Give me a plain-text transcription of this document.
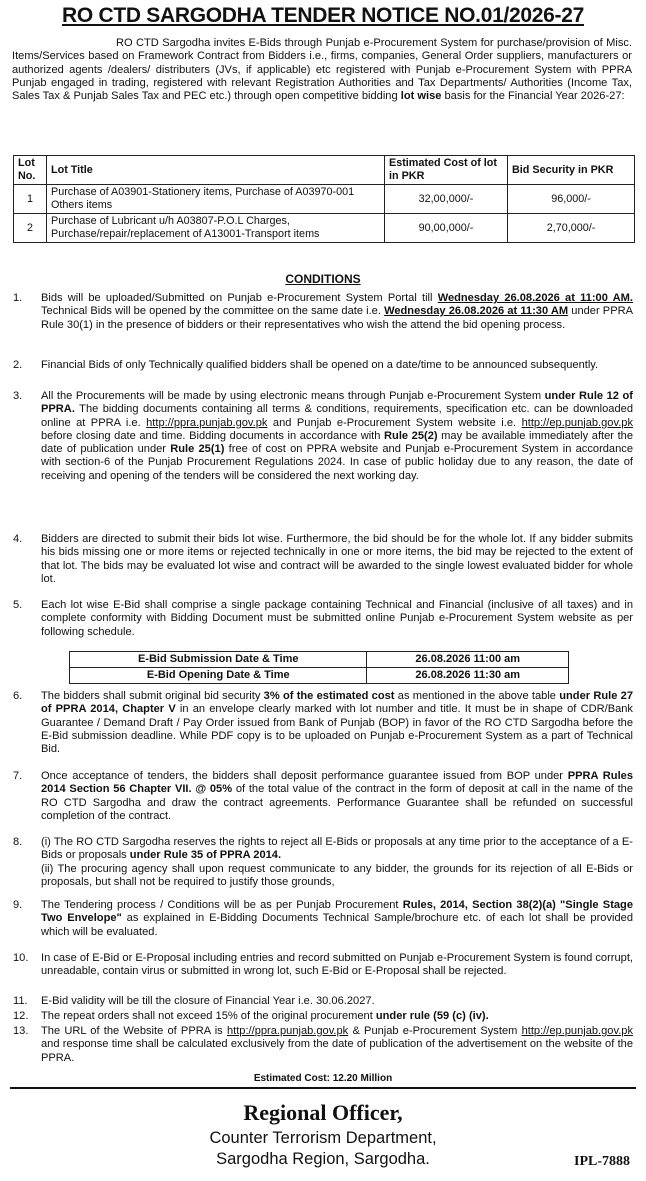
RO CTD SARGODHA TENDER NOTICE NO.01/2026-27
RO CTD Sargodha invites E-Bids through Punjab e-Procurement System for purchase/provision of Misc. Items/Services based on Framework Contract from Bidders i.e., firms, companies, General Order suppliers, manufacturers or authorized agents /dealers/ distributers (JVs, if applicable) etc registered with Punjab e-Procurement System with PPRA Punjab engaged in trading, registered with relevant Registration Authorities and Tax Departments/ Authorities (Income Tax, Sales Tax & Punjab Sales Tax and PEC etc.) through open competitive bidding lot wise basis for the Financial Year 2026-27:
Lot No.	Lot Title	Estimated Cost of lot in PKR	Bid Security in PKR
1	Purchase of A03901-Stationery items, Purchase of A03970-001 Others items	32,00,000/-	96,000/-
2	Purchase of Lubricant u/h A03807-P.O.L Charges, Purchase/repair/replacement of A13001-Transport items	90,00,000/-	2,70,000/-
CONDITIONS
1.	Bids will be uploaded/Submitted on Punjab e-Procurement System Portal till Wednesday 26.08.2026 at 11:00 AM. Technical Bids will be opened by the committee on the same date i.e. Wednesday 26.08.2026 at 11:30 AM under PPRA Rule 30(1) in the presence of bidders or their representatives who wish the attend the bid opening process.
2.	Financial Bids of only Technically qualified bidders shall be opened on a date/time to be announced subsequently.
3.	All the Procurements will be made by using electronic means through Punjab e-Procurement System under Rule 12 of PPRA. The bidding documents containing all terms & conditions, requirements, specification etc. can be downloaded online at PPRA i.e. http://ppra.punjab.gov.pk and Punjab e-Procurement System website i.e. http://ep.punjab.gov.pk before closing date and time. Bidding documents in accordance with Rule 25(2) may be available immediately after the date of publication under Rule 25(1) free of cost on PPRA website and Punjab e-Procurement System in accordance with section-6 of the Punjab Procurement Regulations 2024. In case of public holiday due to any reason, the date of receiving and opening of the tenders will be considered the next working day.
4.	Bidders are directed to submit their bids lot wise. Furthermore, the bid should be for the whole lot. If any bidder submits his bids missing one or more items or rejected technically in one or more items, the bid may be rejected to the extent of that lot. The bids may be evaluated lot wise and contract will be awarded to the single lowest evaluated bidder for whole lot.
5.	Each lot wise E-Bid shall comprise a single package containing Technical and Financial (inclusive of all taxes) and in complete conformity with Bidding Document must be submitted online Punjab e-Procurement System website as per following schedule.
E-Bid Submission Date & Time	26.08.2026 11:00 am
E-Bid Opening Date & Time	26.08.2026 11:30 am
6.	The bidders shall submit original bid security 3% of the estimated cost as mentioned in the above table under Rule 27 of PPRA 2014, Chapter V in an envelope clearly marked with lot number and title. It must be in shape of CDR/Bank Guarantee / Demand Draft / Pay Order issued from Bank of Punjab (BOP) in favor of the RO CTD Sargodha before the E-Bid submission deadline. While PDF copy is to be uploaded on Punjab e-Procurement System as a part of Technical Bid.
7.	Once acceptance of tenders, the bidders shall deposit performance guarantee issued from BOP under PPRA Rules 2014 Section 56 Chapter VII. @ 05% of the total value of the contract in the form of deposit at call in the name of the RO CTD Sargodha and draw the contract agreements. Performance Guarantee shall be refunded on successful completion of the contract.
8.	(i) The RO CTD Sargodha reserves the rights to reject all E-Bids or proposals at any time prior to the acceptance of a E-Bids or proposals under Rule 35 of PPRA 2014.
(ii) The procuring agency shall upon request communicate to any bidder, the grounds for its rejection of all E-Bids or proposals, but shall not be required to justify those grounds,
9.	The Tendering process / Conditions will be as per Punjab Procurement Rules, 2014, Section 38(2)(a) "Single Stage Two Envelope" as explained in E-Bidding Documents Technical Sample/brochure etc. of each lot shall be provided which will be evaluated.
10.	In case of E-Bid or E-Proposal including entries and record submitted on Punjab e-Procurement System is found corrupt, unreadable, contain virus or submitted in wrong lot, such E-Bid or E-Proposal shall be rejected.
11.	E-Bid validity will be till the closure of Financial Year i.e. 30.06.2027.
12.	The repeat orders shall not exceed 15% of the original procurement under rule (59 (c) (iv).
13.	The URL of the Website of PPRA is http://ppra.punjab.gov.pk & Punjab e-Procurement System http://ep.punjab.gov.pk and response time shall be calculated exclusively from the date of publication of the advertisement on the website of the PPRA.
Estimated Cost: 12.20 Million
Regional Officer,
Counter Terrorism Department,
Sargodha Region, Sargodha.	IPL-7888
